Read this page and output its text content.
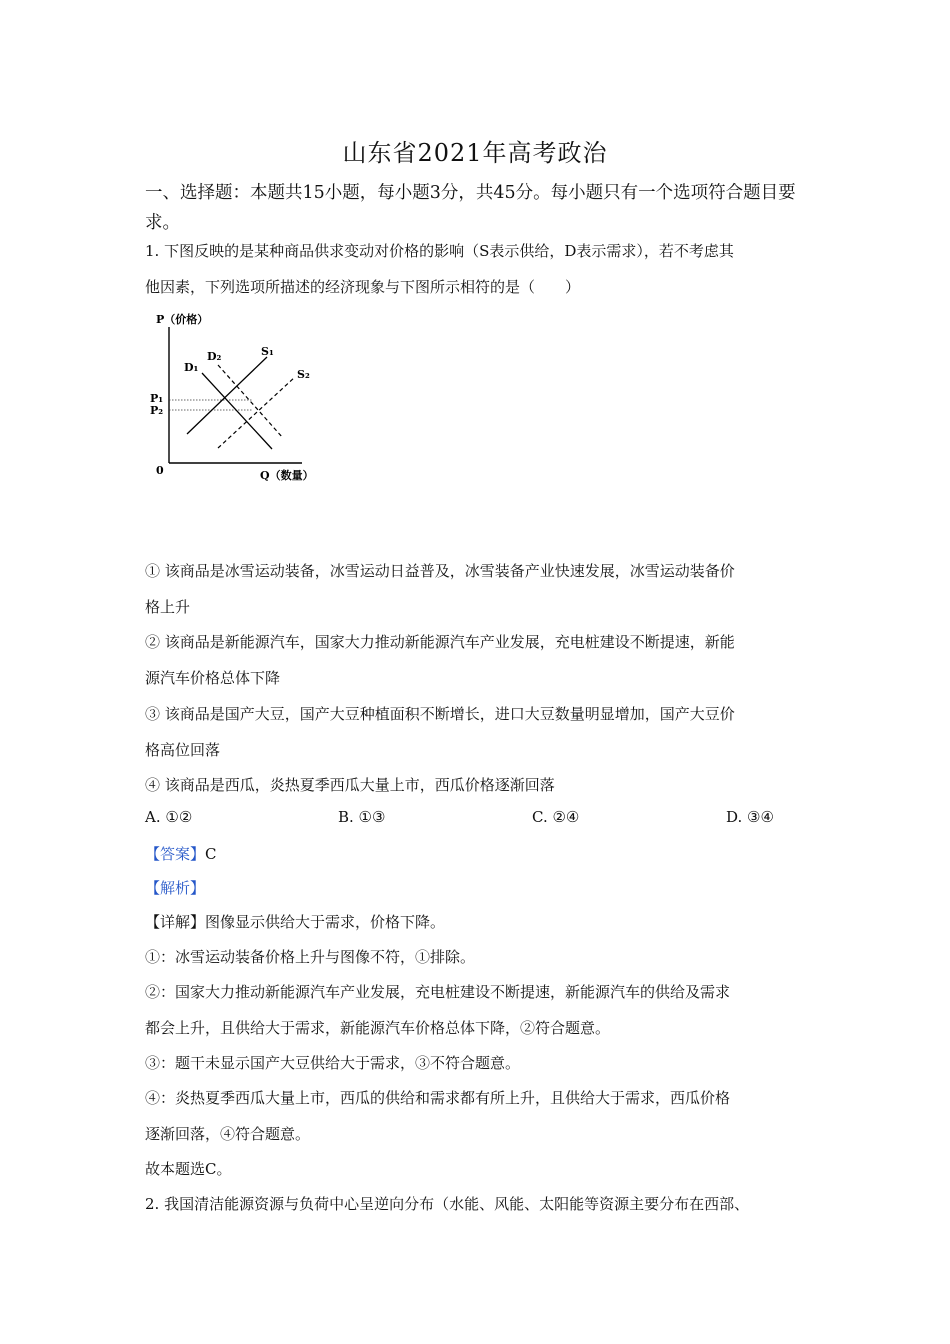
山东省2021年高考政治
一、选择题：本题共15小题，每小题3分，共45分。每小题只有一个选项符合题目要求。
1. 下图反映的是某种商品供求变动对价格的影响（S表示供给，D表示需求），若不考虑其
他因素，下列选项所描述的经济现象与下图所示相符的是（　　）
P（价格）
Q（数量）
0
P₁
P₂
D₁
D₂	S₁
S₂
① 该商品是冰雪运动装备，冰雪运动日益普及，冰雪装备产业快速发展，冰雪运动装备价
格上升
② 该商品是新能源汽车，国家大力推动新能源汽车产业发展，充电桩建设不断提速，新能
源汽车价格总体下降
③ 该商品是国产大豆，国产大豆种植面积不断增长，进口大豆数量明显增加，国产大豆价
格高位回落
④ 该商品是西瓜，炎热夏季西瓜大量上市，西瓜价格逐渐回落
A. ①②	B. ①③	C. ②④	D. ③④
【答案】C
【解析】
【详解】图像显示供给大于需求，价格下降。
①：冰雪运动装备价格上升与图像不符，①排除。
②：国家大力推动新能源汽车产业发展，充电桩建设不断提速，新能源汽车的供给及需求
都会上升，且供给大于需求，新能源汽车价格总体下降，②符合题意。
③：题干未显示国产大豆供给大于需求，③不符合题意。
④：炎热夏季西瓜大量上市，西瓜的供给和需求都有所上升，且供给大于需求，西瓜价格
逐渐回落，④符合题意。
故本题选C。
2. 我国清洁能源资源与负荷中心呈逆向分布（水能、风能、太阳能等资源主要分布在西部、
